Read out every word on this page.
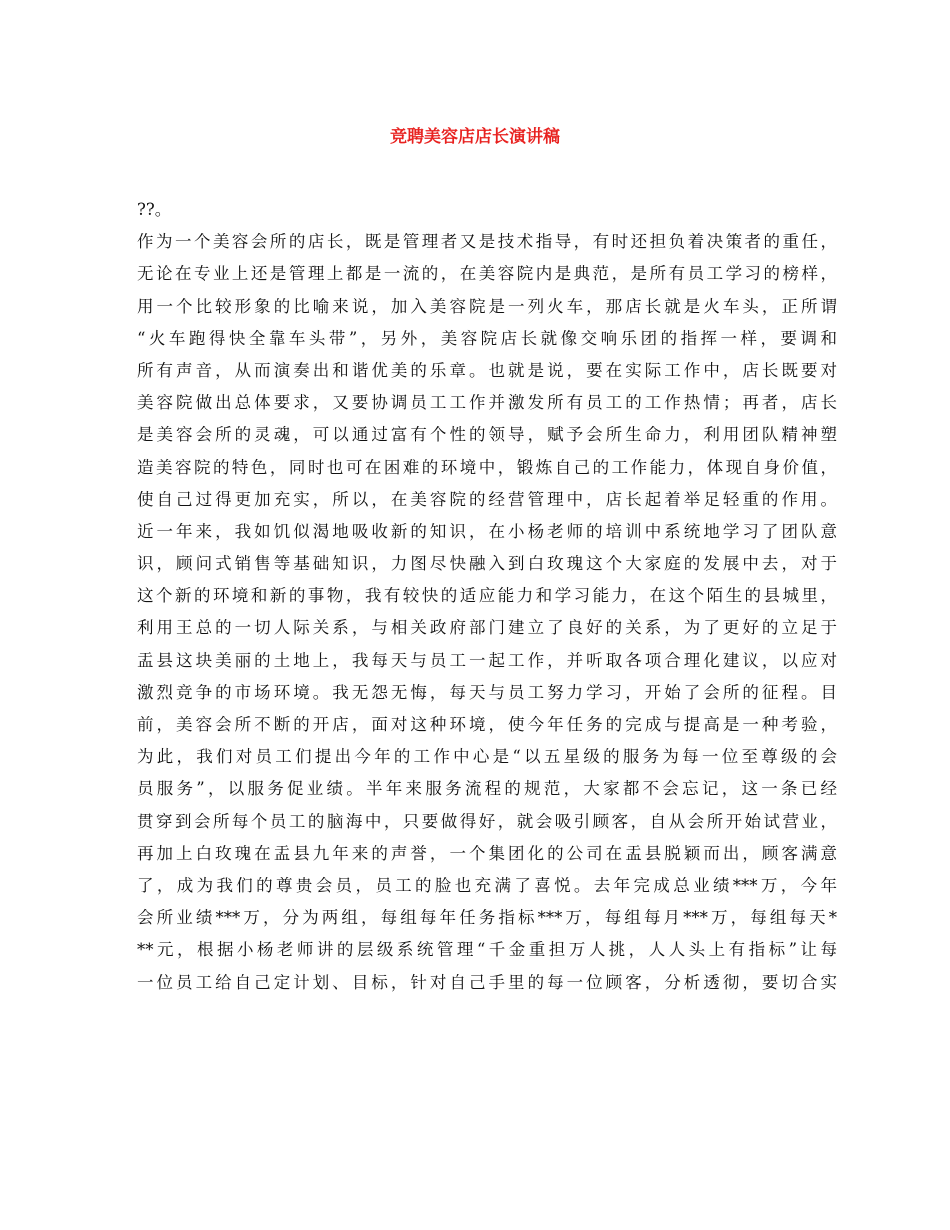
竞聘美容店店长演讲稿
??。
作为一个美容会所的店长，既是管理者又是技术指导，有时还担负着决策者的重任，
无论在专业上还是管理上都是一流的，在美容院内是典范，是所有员工学习的榜样，
用一个比较形象的比喻来说，加入美容院是一列火车，那店长就是火车头，正所谓
“火车跑得快全靠车头带”，另外，美容院店长就像交响乐团的指挥一样，要调和
所有声音，从而演奏出和谐优美的乐章。也就是说，要在实际工作中，店长既要对
美容院做出总体要求，又要协调员工工作并激发所有员工的工作热情；再者，店长
是美容会所的灵魂，可以通过富有个性的领导，赋予会所生命力，利用团队精神塑
造美容院的特色，同时也可在困难的环境中，锻炼自己的工作能力，体现自身价值，
使自己过得更加充实，所以，在美容院的经营管理中，店长起着举足轻重的作用。
近一年来，我如饥似渴地吸收新的知识，在小杨老师的培训中系统地学习了团队意
识，顾问式销售等基础知识，力图尽快融入到白玫瑰这个大家庭的发展中去，对于
这个新的环境和新的事物，我有较快的适应能力和学习能力，在这个陌生的县城里，
利用王总的一切人际关系，与相关政府部门建立了良好的关系，为了更好的立足于
盂县这块美丽的土地上，我每天与员工一起工作，并听取各项合理化建议，以应对
激烈竞争的市场环境。我无怨无悔，每天与员工努力学习，开始了会所的征程。目
前，美容会所不断的开店，面对这种环境，使今年任务的完成与提高是一种考验，
为此，我们对员工们提出今年的工作中心是“以五星级的服务为每一位至尊级的会
员服务”，以服务促业绩。半年来服务流程的规范，大家都不会忘记，这一条已经
贯穿到会所每个员工的脑海中，只要做得好，就会吸引顾客，自从会所开始试营业，
再加上白玫瑰在盂县九年来的声誉，一个集团化的公司在盂县脱颖而出，顾客满意
了，成为我们的尊贵会员，员工的脸也充满了喜悦。去年完成总业绩***万，今年
会所业绩***万，分为两组，每组每年任务指标***万，每组每月***万，每组每天*
**元，根据小杨老师讲的层级系统管理“千金重担万人挑，人人头上有指标”让每
一位员工给自己定计划、目标，针对自己手里的每一位顾客，分析透彻，要切合实
